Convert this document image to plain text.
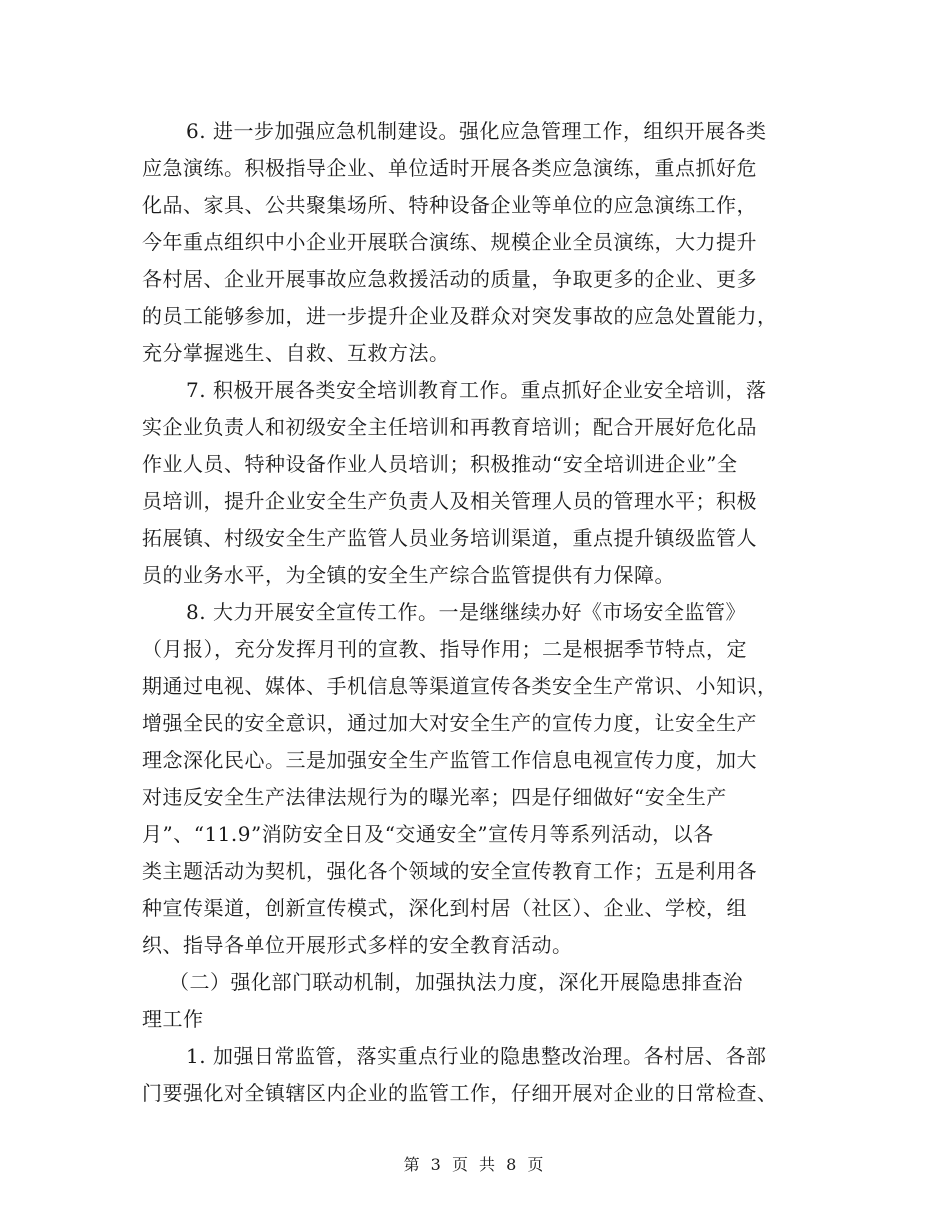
6. 进一步加强应急机制建设。强化应急管理工作，组织开展各类
应急演练。积极指导企业、单位适时开展各类应急演练，重点抓好危
化品、家具、公共聚集场所、特种设备企业等单位的应急演练工作，
今年重点组织中小企业开展联合演练、规模企业全员演练，大力提升
各村居、企业开展事故应急救援活动的质量，争取更多的企业、更多
的员工能够参加，进一步提升企业及群众对突发事故的应急处置能力，
充分掌握逃生、自救、互救方法。
7. 积极开展各类安全培训教育工作。重点抓好企业安全培训，落
实企业负责人和初级安全主任培训和再教育培训；配合开展好危化品
作业人员、特种设备作业人员培训；积极推动“安全培训进企业”全
员培训，提升企业安全生产负责人及相关管理人员的管理水平；积极
拓展镇、村级安全生产监管人员业务培训渠道，重点提升镇级监管人
员的业务水平，为全镇的安全生产综合监管提供有力保障。
8. 大力开展安全宣传工作。一是继继续办好《市场安全监管》
（月报），充分发挥月刊的宣教、指导作用；二是根据季节特点，定
期通过电视、媒体、手机信息等渠道宣传各类安全生产常识、小知识，
增强全民的安全意识，通过加大对安全生产的宣传力度，让安全生产
理念深化民心。三是加强安全生产监管工作信息电视宣传力度，加大
对违反安全生产法律法规行为的曝光率；四是仔细做好“安全生产
月”、“11.9”消防安全日及“交通安全”宣传月等系列活动，以各
类主题活动为契机，强化各个领域的安全宣传教育工作；五是利用各
种宣传渠道，创新宣传模式，深化到村居（社区）、企业、学校，组
织、指导各单位开展形式多样的安全教育活动。
（二）强化部门联动机制，加强执法力度，深化开展隐患排查治
理工作
1. 加强日常监管，落实重点行业的隐患整改治理。各村居、各部
门要强化对全镇辖区内企业的监管工作，仔细开展对企业的日常检查、
第 3 页 共 8 页
